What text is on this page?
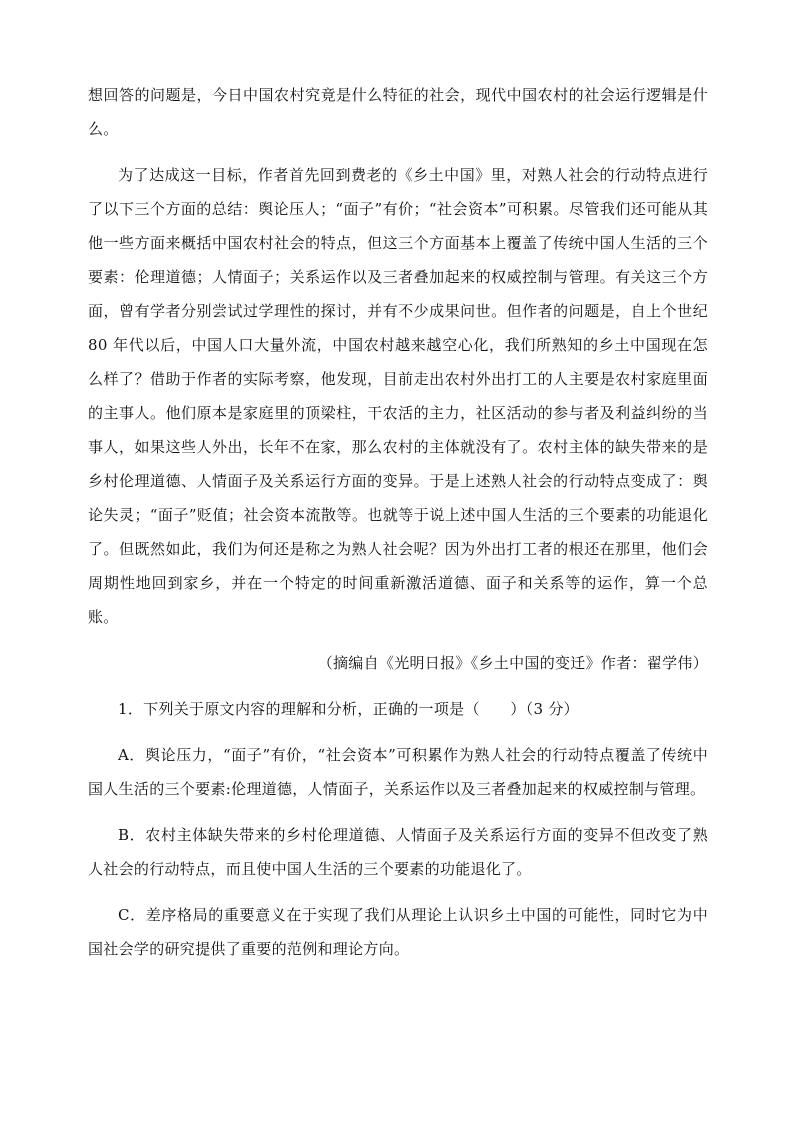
想回答的问题是，今日中国农村究竟是什么特征的社会，现代中国农村的社会运行逻辑是什么。

为了达成这一目标，作者首先回到费老的《乡土中国》里，对熟人社会的行动特点进行了以下三个方面的总结：舆论压人；“面子”有价；“社会资本”可积累。尽管我们还可能从其他一些方面来概括中国农村社会的特点，但这三个方面基本上覆盖了传统中国人生活的三个要素：伦理道德；人情面子；关系运作以及三者叠加起来的权威控制与管理。有关这三个方面，曾有学者分别尝试过学理性的探讨，并有不少成果问世。但作者的问题是，自上个世纪 80 年代以后，中国人口大量外流，中国农村越来越空心化，我们所熟知的乡土中国现在怎么样了？借助于作者的实际考察，他发现，目前走出农村外出打工的人主要是农村家庭里面的主事人。他们原本是家庭里的顶梁柱，干农活的主力，社区活动的参与者及利益纠纷的当事人，如果这些人外出，长年不在家，那么农村的主体就没有了。农村主体的缺失带来的是乡村伦理道德、人情面子及关系运行方面的变异。于是上述熟人社会的行动特点变成了：舆论失灵；“面子”贬值；社会资本流散等。也就等于说上述中国人生活的三个要素的功能退化了。但既然如此，我们为何还是称之为熟人社会呢？因为外出打工者的根还在那里，他们会周期性地回到家乡，并在一个特定的时间重新激活道德、面子和关系等的运作，算一个总账。

（摘编自《光明日报》《乡土中国的变迁》作者：翟学伟）

1．下列关于原文内容的理解和分析，正确的一项是（　　）（3 分）

A．舆论压力，“面子”有价，“社会资本”可积累作为熟人社会的行动特点覆盖了传统中国人生活的三个要素:伦理道德，人情面子，关系运作以及三者叠加起来的权威控制与管理。

B．农村主体缺失带来的乡村伦理道德、人情面子及关系运行方面的变异不但改变了熟人社会的行动特点，而且使中国人生活的三个要素的功能退化了。

C．差序格局的重要意义在于实现了我们从理论上认识乡土中国的可能性，同时它为中国社会学的研究提供了重要的范例和理论方向。
